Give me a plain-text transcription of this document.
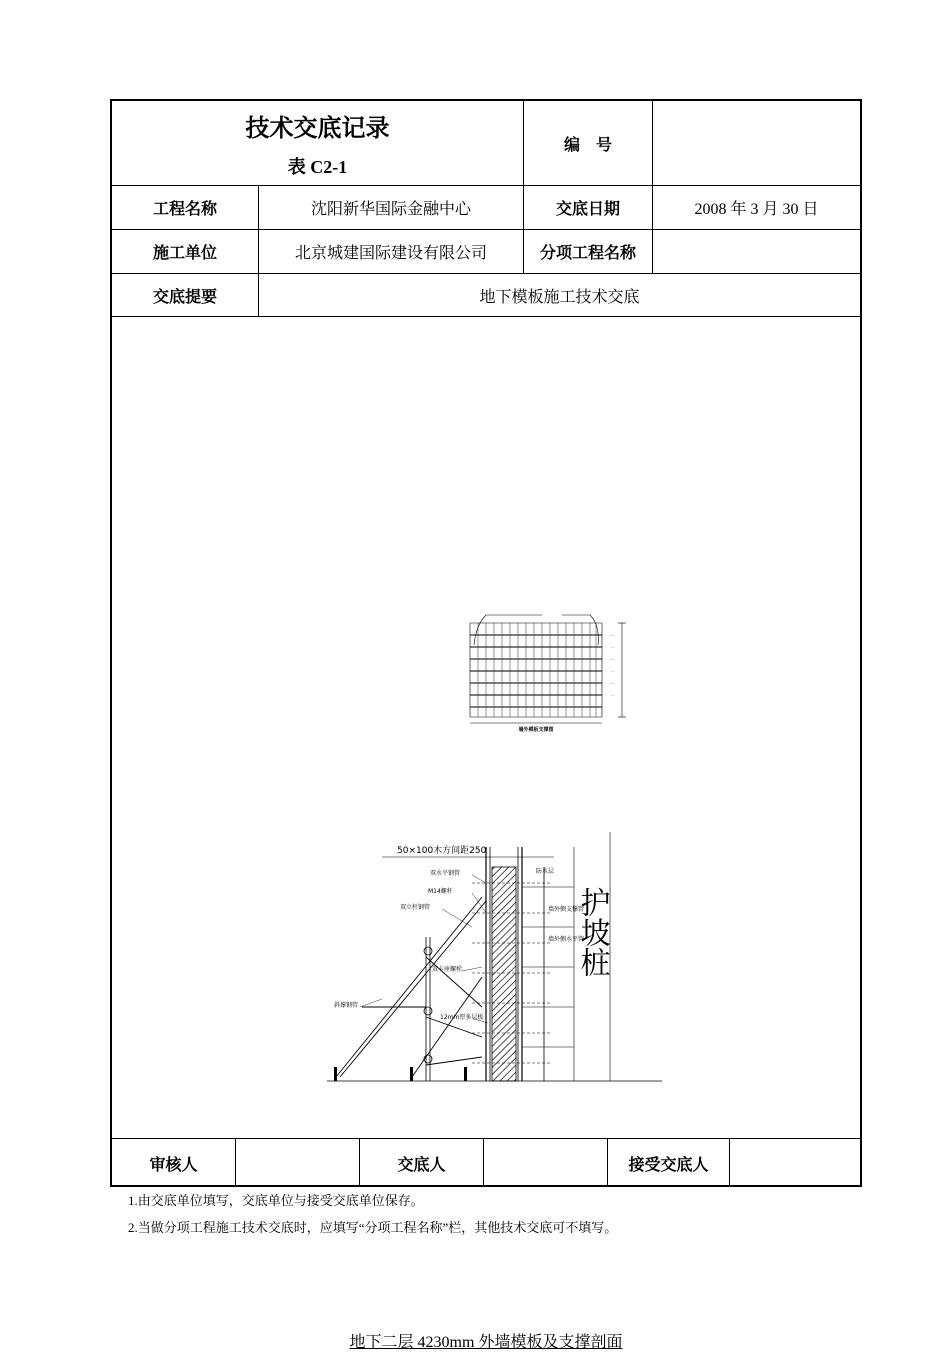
技术交底记录
表 C2-1
编　号
工程名称	沈阳新华国际金融中心	交底日期	2008 年 3 月 30 日
施工单位	北京城建国际建设有限公司	分项工程名称
交底提要	地下模板施工技术交底
一
一
一
一
一
一
墙外模板支撑图
50×100木方间距250
双水平钢管
M14螺杆
双立杆钢管
双卡座螺栓
斜撑钢管
12mm厚多层板
防水层
墙外侧支撑管
墙外侧水平管
护坡桩
地下二层 4230mm 外墙模板及支撑剖面
审核人	交底人	接受交底人
1.由交底单位填写，交底单位与接受交底单位保存。
2.当做分项工程施工技术交底时，应填写“分项工程名称”栏，其他技术交底可不填写。
